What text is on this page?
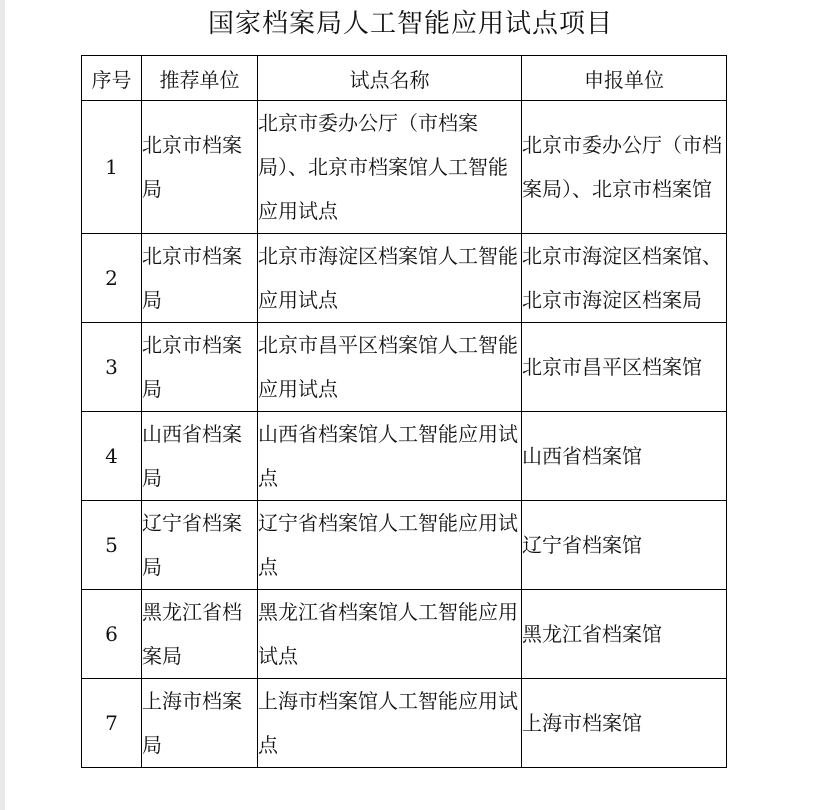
国家档案局人工智能应用试点项目
序号	推荐单位	试点名称	申报单位
1	北京市档案局	北京市委办公厅（市档案局）、北京市档案馆人工智能应用试点	北京市委办公厅（市档案局）、北京市档案馆
2	北京市档案局	北京市海淀区档案馆人工智能应用试点	北京市海淀区档案馆、北京市海淀区档案局
3	北京市档案局	北京市昌平区档案馆人工智能应用试点	北京市昌平区档案馆
4	山西省档案局	山西省档案馆人工智能应用试点	山西省档案馆
5	辽宁省档案局	辽宁省档案馆人工智能应用试点	辽宁省档案馆
6	黑龙江省档案局	黑龙江省档案馆人工智能应用试点	黑龙江省档案馆
7	上海市档案局	上海市档案馆人工智能应用试点	上海市档案馆
